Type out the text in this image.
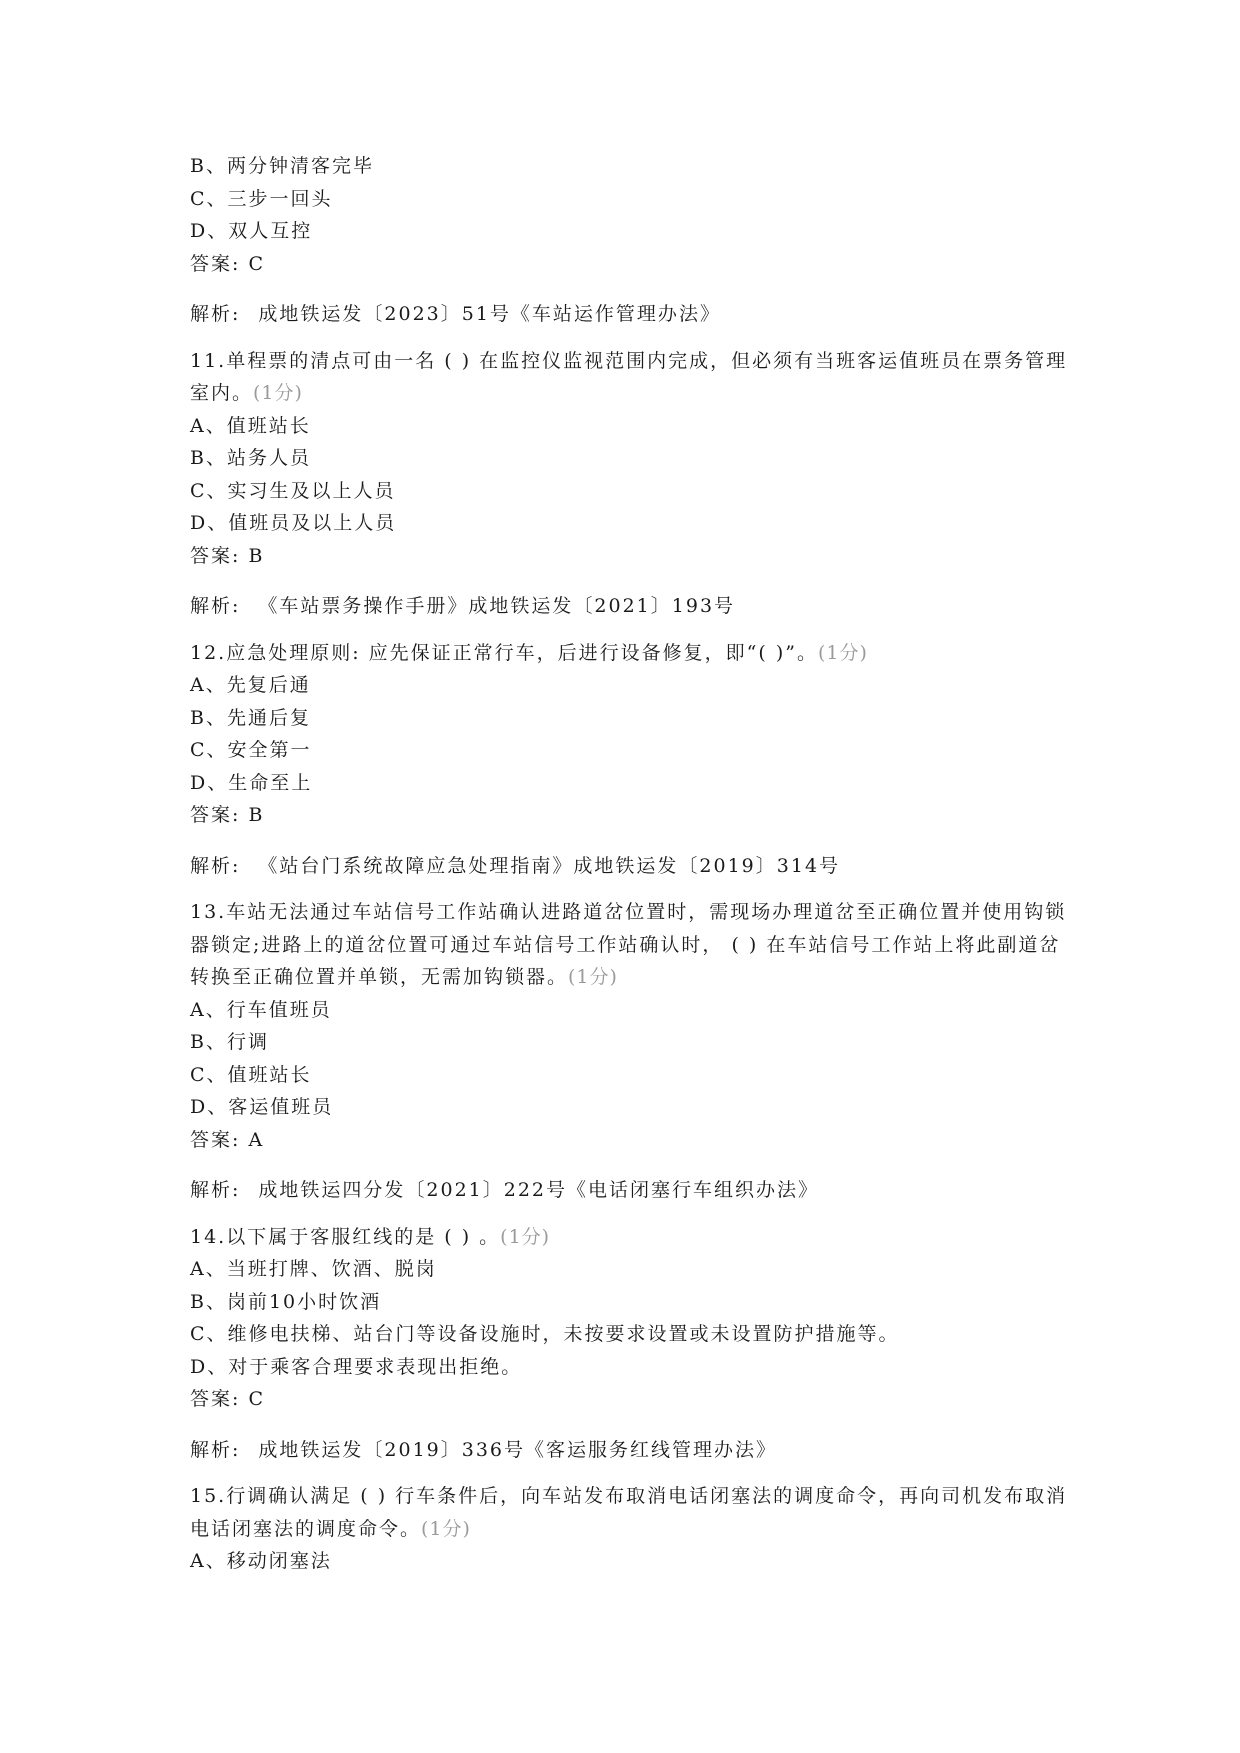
B、两分钟清客完毕
C、三步一回头
D、双人互控
答案: C
解析: 成地铁运发〔2023〕51号《车站运作管理办法》
11.单程票的清点可由一名 ( ) 在监控仪监视范围内完成，但必须有当班客运值班员在票务管理室内。(1分)
A、值班站长
B、站务人员
C、实习生及以上人员
D、值班员及以上人员
答案: B
解析: 《车站票务操作手册》成地铁运发〔2021〕193号
12.应急处理原则: 应先保证正常行车，后进行设备修复，即“( )”。(1分)
A、先复后通
B、先通后复
C、安全第一
D、生命至上
答案: B
解析: 《站台门系统故障应急处理指南》成地铁运发〔2019〕314号
13.车站无法通过车站信号工作站确认进路道岔位置时，需现场办理道岔至正确位置并使用钩锁器锁定;进路上的道岔位置可通过车站信号工作站确认时， ( ) 在车站信号工作站上将此副道岔转换至正确位置并单锁，无需加钩锁器。(1分)
A、行车值班员
B、行调
C、值班站长
D、客运值班员
答案: A
解析: 成地铁运四分发〔2021〕222号《电话闭塞行车组织办法》
14.以下属于客服红线的是 ( ) 。(1分)
A、当班打牌、饮酒、脱岗
B、岗前10小时饮酒
C、维修电扶梯、站台门等设备设施时，未按要求设置或未设置防护措施等。
D、对于乘客合理要求表现出拒绝。
答案: C
解析: 成地铁运发〔2019〕336号《客运服务红线管理办法》
15.行调确认满足 ( ) 行车条件后，向车站发布取消电话闭塞法的调度命令，再向司机发布取消电话闭塞法的调度命令。(1分)
A、移动闭塞法
